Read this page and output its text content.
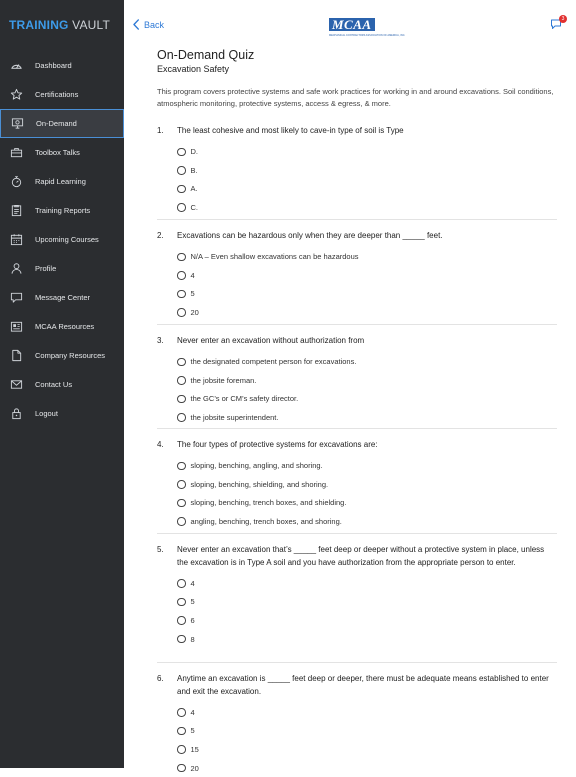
TRAINING VAULT
Dashboard
Certifications
On-Demand
Toolbox Talks
Rapid Learning
Training Reports
Upcoming Courses
Profile
Message Center
MCAA Resources
Company Resources
Contact Us
Logout
Back	MCAA
MECHANICAL CONTRACTORS ASSOCIATION OF AMERICA, INC.
3
On-Demand Quiz
Excavation Safety
This program covers protective systems and safe work practices for working in and around excavations. Soil conditions, atmospheric monitoring, protective systems, access & egress, & more.
1.	The least cohesive and most likely to cave-in type of soil is Type
D.
B.
A.
C.
2.	Excavations can be hazardous only when they are deeper than _____ feet.
N/A – Even shallow excavations can be hazardous
4
5
20
3.	Never enter an excavation without authorization from
the designated competent person for excavations.
the jobsite foreman.
the GC’s or CM’s safety director.
the jobsite superintendent.
4.	The four types of protective systems for excavations are:
sloping, benching, angling, and shoring.
sloping, benching, shielding, and shoring.
sloping, benching, trench boxes, and shielding.
angling, benching, trench boxes, and shoring.
5.	Never enter an excavation that’s _____ feet deep or deeper without a protective system in place, unless the excavation is in Type A soil and you have authorization from the appropriate person to enter.
4
5
6
8
6.	Anytime an excavation is _____ feet deep or deeper, there must be adequate means established to enter and exit the excavation.
4
5
15
20
